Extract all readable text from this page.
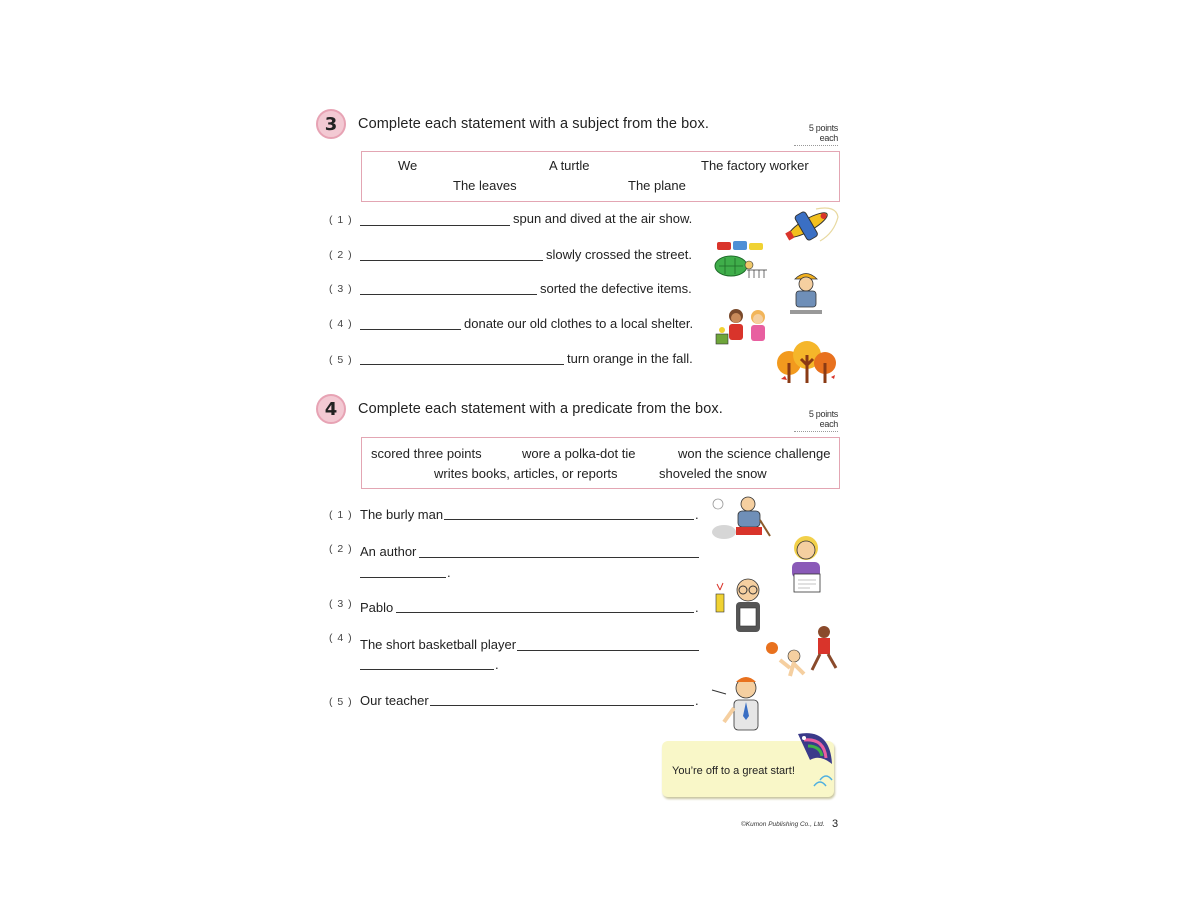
3	Complete each statement with a subject from the box.	5 points each
We	A turtle	The factory worker
The leaves	The plane
( 1 )	spun and dived at the air show.
( 2 )	slowly crossed the street.
( 3 )	sorted the defective items.
( 4 )	donate our old clothes to a local shelter.
( 5 )	turn orange in the fall.
4	Complete each statement with a predicate from the box.	5 points each
scored three points	wore a polka-dot tie	won the science challenge
writes books, articles, or reports	shoveled the snow
( 1 ) The burly man	.
( 2 ) An author
.
( 3 ) Pablo	.
( 4 ) The short basketball player
.
( 5 ) Our teacher	.
You’re off to a great start!
©Kumon Publishing Co., Ltd. 3
